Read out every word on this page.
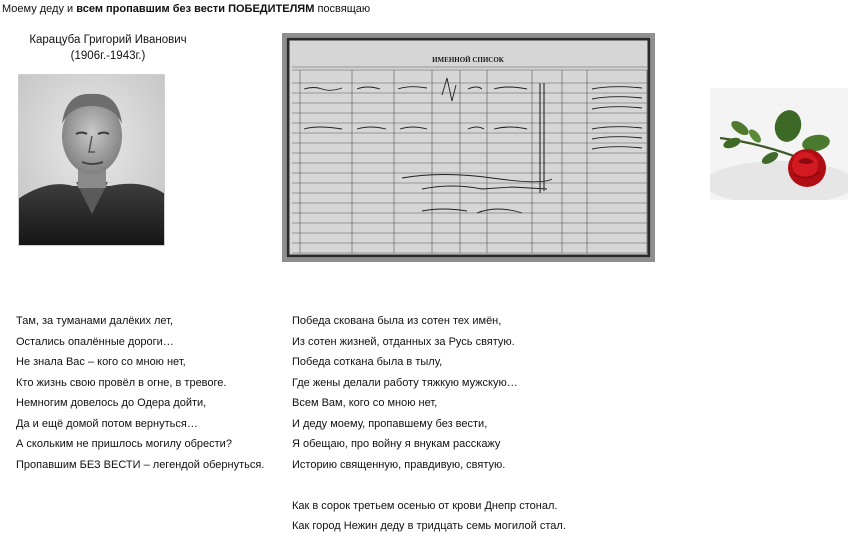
Моему деду и всем пропавшим без вести ПОБЕДИТЕЛЯМ посвящаю
Карацуба Григорий Иванович
(1906г.-1943г.)	ИМЕННОЙ СПИСОК
Там, за туманами далёких лет,
Остались опалённые дороги…
Не знала Вас – кого со мною нет,
Кто жизнь свою провёл в огне, в тревоге.
Немногим довелось до Одера дойти,
Да и ещё домой потом вернуться…
А скольким не пришлось могилу обрести?
Пропавшим БЕЗ ВЕСТИ – легендой обернуться.
Победа скована была из сотен тех имён,
Из сотен жизней, отданных за Русь святую.
Победа соткана была в тылу,
Где жены делали работу тяжкую мужскую…
Всем Вам, кого со мною нет,
И деду моему, пропавшему без вести,
Я обещаю, про войну я внукам расскажу
Историю священную, правдивую, святую.
Как в сорок третьем осенью от крови Днепр стонал.
Как город Нежин деду в тридцать семь могилой стал.
